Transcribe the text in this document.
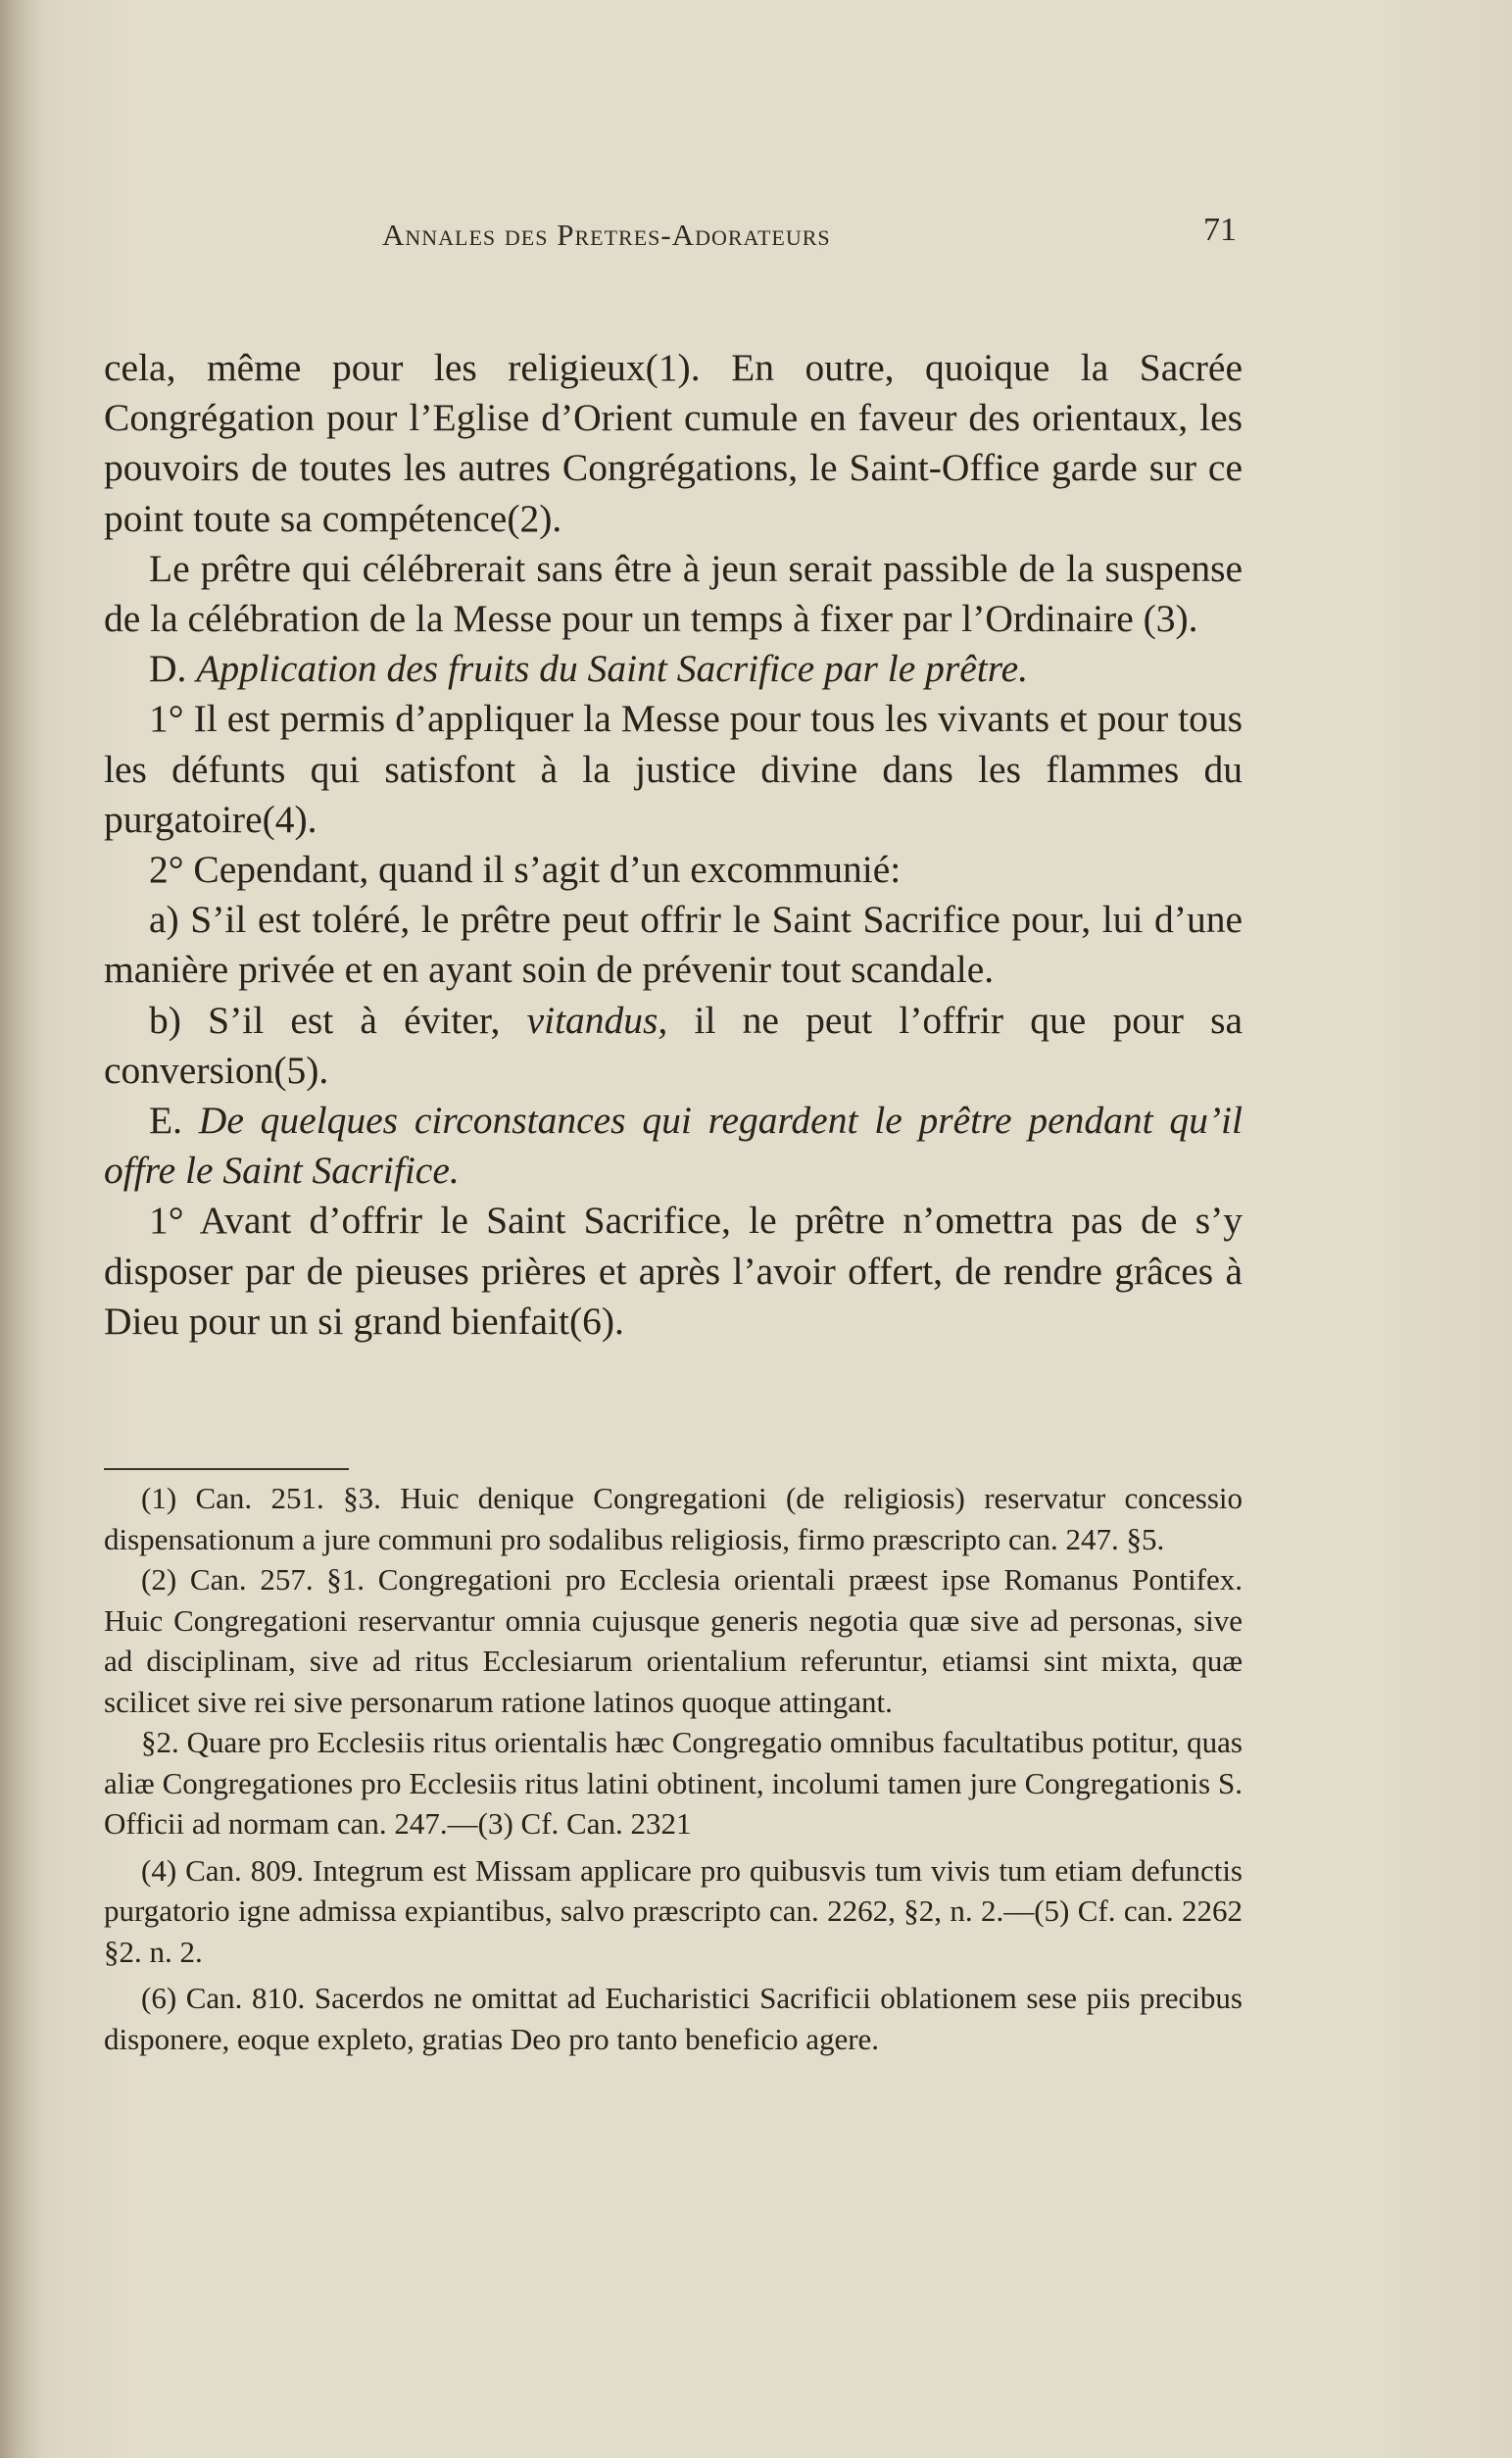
Annales des Pretres-Adorateurs	71

cela, même pour les religieux(1). En outre, quoique la Sacrée Congrégation pour l’Eglise d’Orient cumule en faveur des orientaux, les pouvoirs de toutes les autres Congrégations, le Saint-Office garde sur ce point toute sa compétence(2).

Le prêtre qui célébrerait sans être à jeun serait passible de la suspense de la célébration de la Messe pour un temps à fixer par l’Ordinaire (3).

D. Application des fruits du Saint Sacrifice par le prêtre.

1° Il est permis d’appliquer la Messe pour tous les vivants et pour tous les défunts qui satisfont à la justice divine dans les flammes du purgatoire(4).

2° Cependant, quand il s’agit d’un excommunié:

a) S’il est toléré, le prêtre peut offrir le Saint Sacrifice pour, lui d’une manière privée et en ayant soin de prévenir tout scandale.

b) S’il est à éviter, vitandus, il ne peut l’offrir que pour sa conversion(5).

E. De quelques circonstances qui regardent le prêtre pendant qu’il offre le Saint Sacrifice.

1° Avant d’offrir le Saint Sacrifice, le prêtre n’omettra pas de s’y disposer par de pieuses prières et après l’avoir offert, de rendre grâces à Dieu pour un si grand bienfait(6).

(1) Can. 251. §3. Huic denique Congregationi (de religiosis) reservatur concessio dispensationum a jure communi pro sodalibus religiosis, firmo præscripto can. 247. §5.

(2) Can. 257. §1. Congregationi pro Ecclesia orientali præest ipse Romanus Pontifex. Huic Congregationi reservantur omnia cujusque generis negotia quæ sive ad personas, sive ad disciplinam, sive ad ritus Ecclesiarum orientalium referuntur, etiamsi sint mixta, quæ scilicet sive rei sive personarum ratione latinos quoque attingant.

§2. Quare pro Ecclesiis ritus orientalis hæc Congregatio omnibus facultatibus potitur, quas aliæ Congregationes pro Ecclesiis ritus latini obtinent, incolumi tamen jure Congregationis S. Officii ad normam can. 247.—(3) Cf. Can. 2321

(4) Can. 809. Integrum est Missam applicare pro quibusvis tum vivis tum etiam defunctis purgatorio igne admissa expiantibus, salvo præscripto can. 2262, §2, n. 2.—(5) Cf. can. 2262 §2. n. 2.

(6) Can. 810. Sacerdos ne omittat ad Eucharistici Sacrificii oblationem sese piis precibus disponere, eoque expleto, gratias Deo pro tanto beneficio agere.
